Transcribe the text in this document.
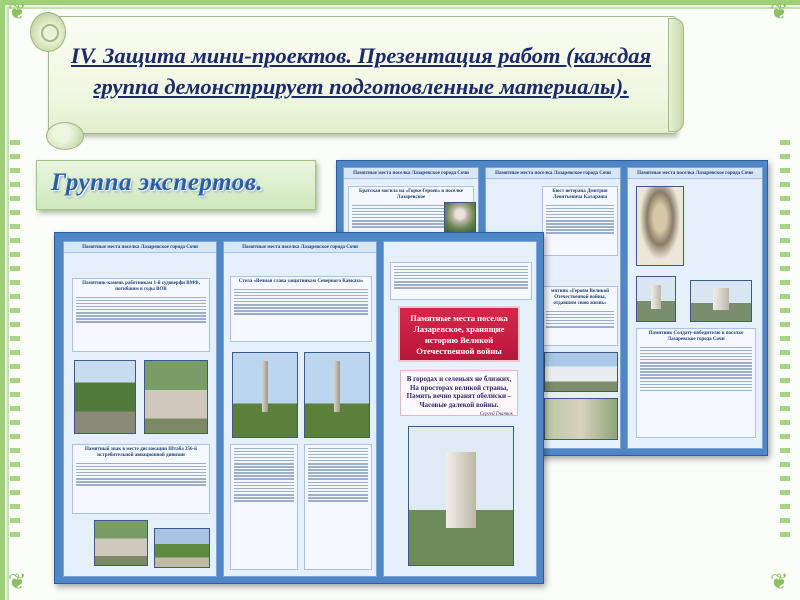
❦	❦
❦	❦
IV. Защита мини-проектов. Презентация работ (каждая группа демонстрирует подготовленные материалы).
Группа экспертов.	Памятные места поселка Лазаревское города Сочи
Братская могила на «Горке Героев» в поселке Лазаревское
Памятные места поселка Лазаревское города Сочи
Бюст ветерана Дмитрия Леонтьевича Калараша
мятник «Героям Великой Отечественной войны, отдавшим свою жизнь»
Памятные места поселка Лазаревское города Сочи
Памятник Солдату-победителю в поселке Лазаревское города Сочи
Памятные места поселка Лазаревское города Сочи
Памятник-камень работникам 1-й судоверфи ВМФ, погибшим в годы ВОВ
Памятный знак в месте дислокации Штаба 256-й истребительной авиационной дивизии
Памятные места поселка Лазаревское города Сочи
Стела «Вечная слава защитникам Северного Кавказа»
Памятные места поселка Лазаревское, хранящие историю Великой Отечественной войны
В городах и селеньях не близких, На просторах великой страны, Память вечно хранят обелиски – Часовые далекой войны.
Сергей Гнатюк
